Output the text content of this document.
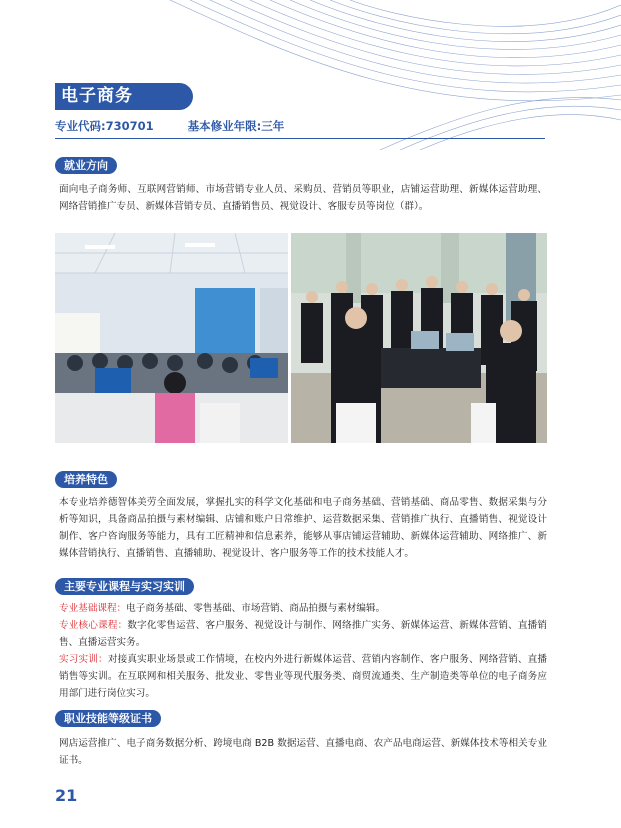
电子商务
专业代码:730701	基本修业年限:三年
就业方向
面向电子商务师、互联网营销师、市场营销专业人员、采购员、营销员等职业，店铺运营助理、新媒体运营助理、网络营销推广专员、新媒体营销专员、直播销售员、视觉设计、客服专员等岗位（群）。
培养特色
本专业培养德智体美劳全面发展，掌握扎实的科学文化基础和电子商务基础、营销基础、商品零售、数据采集与分析等知识，具备商品拍摄与素材编辑、店铺和账户日常维护、运营数据采集、营销推广执行、直播销售、视觉设计制作、客户咨询服务等能力，具有工匠精神和信息素养，能够从事店铺运营辅助、新媒体运营辅助、网络推广、新媒体营销执行、直播销售、直播辅助、视觉设计、客户服务等工作的技术技能人才。
主要专业课程与实习实训
专业基础课程：电子商务基础、零售基础、市场营销、商品拍摄与素材编辑。
专业核心课程：数字化零售运营、客户服务、视觉设计与制作、网络推广实务、新媒体运营、新媒体营销、直播销售、直播运营实务。
实习实训：对接真实职业场景或工作情境，在校内外进行新媒体运营、营销内容制作、客户服务、网络营销、直播销售等实训。在互联网和相关服务、批发业、零售业等现代服务类、商贸流通类、生产制造类等单位的电子商务应用部门进行岗位实习。
职业技能等级证书
网店运营推广、电子商务数据分析、跨境电商 B2B 数据运营、直播电商、农产品电商运营、新媒体技术等相关专业证书。
21
